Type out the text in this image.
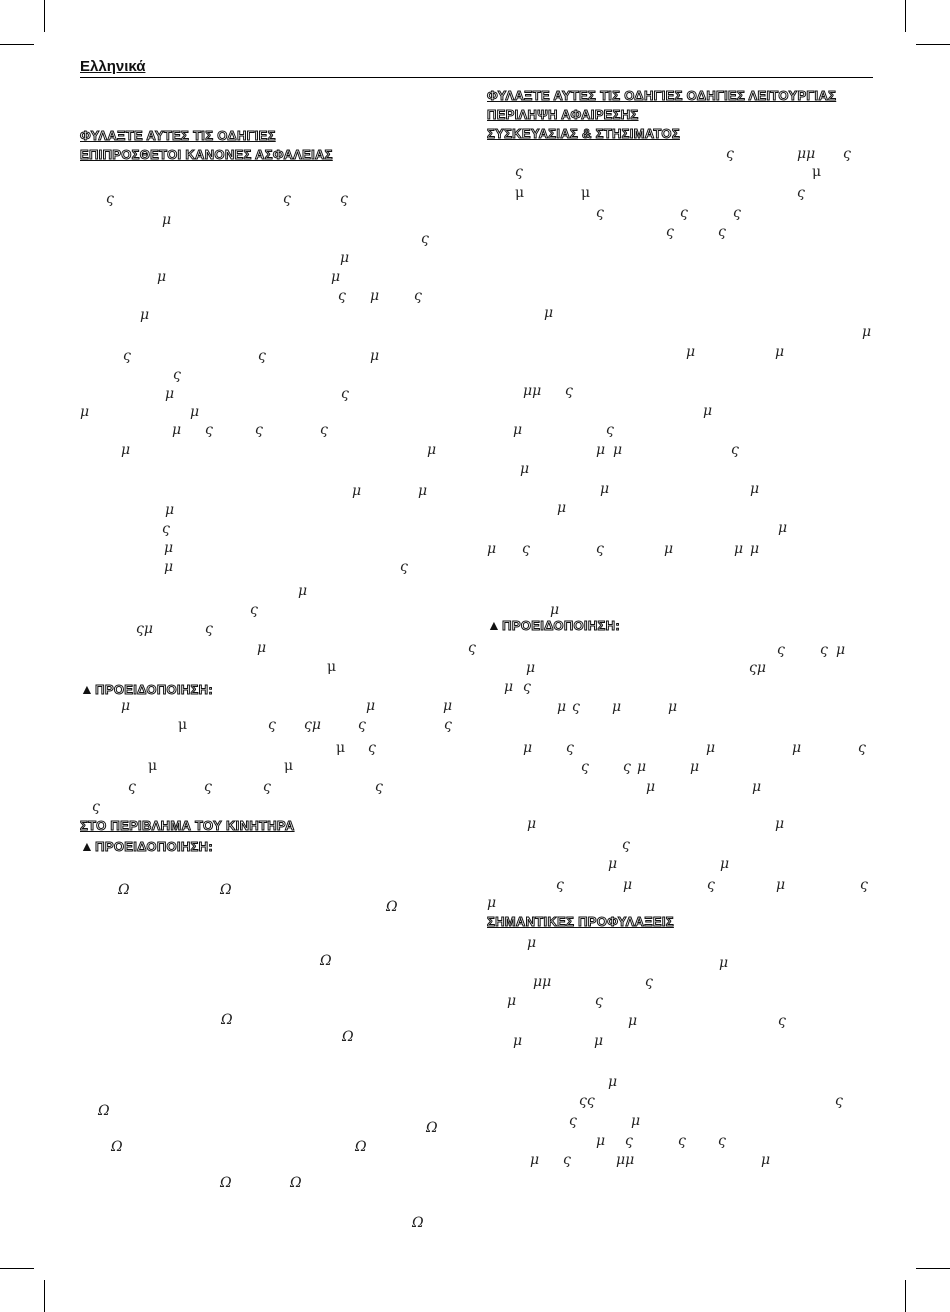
Ελληνικά
ΦΥΛΑΞΤΕ ΑΥΤΕΣ ΤΙΣ ΟΔΗΓΙΕΣ
ΕΠΙΠΡΟΣΘΕΤΟΙ ΚΑΝΟΝΕΣ ΑΣΦΑΛΕΙΑΣ
▲ΠΡΟΕΙΔΟΠΟΙΗΣΗ:
ΣΤΟ ΠΕΡΙΒΛΗΜΑ ΤΟΥ ΚΙΝΗΤΗΡΑ
▲ΠΡΟΕΙΔΟΠΟΙΗΣΗ:
ΦΥΛΑΞΤΕ ΑΥΤΕΣ ΤΙΣ ΟΔΗΓΙΕΣ ΟΔΗΓΙΕΣ ΛΕΙΤΟΥΡΓΙΑΣ
ΠΕΡΙΛΗΨΗ ΑΦΑΙΡΕΣΗΣ
ΣΥΣΚΕΥΑΣΙΑΣ & ΣΤΗΣΙΜΑΤΟΣ
▲ΠΡΟΕΙΔΟΠΟΙΗΣΗ:
ΣΗΜΑΝΤΙΚΕΣ ΠΡΟΦΥΛΑΞΕΙΣ
ς	ς	ς
μ
ς
μ
μ	μ
ς μ ς
μ
ς	ς	μ
ς
μ	ς
μ	μ
μ ς	ς	ς
μ	μ
μ	μ
μ
ς
μ
μ	ς
μ
ς
ςμ	ς
μ	ς
μ
μ	μ	μ
μ	ς ςμ	ς	ς
μ ς
μ	μ
ς	ς	ς	ς
ς
Ω	Ω
Ω
Ω
Ω
Ω
Ω
Ω
Ω	Ω
Ω	Ω
Ω
ς	μμ ς
ς	μ
μ	μ	ς
ς	ς	ς
ς	ς
μ
μ
μ	μ
μμ ς
μ
μ	ς
μ μ	ς
μ
μ	μ
μ
μ
μ ς	ς	μ	μ μ
μ
ς	ς μ
μ	ςμ
μ ς
μ ς μ	μ
μ ς	μ	μ	ς
ς ς μ	μ
μ	μ
μ	μ
ς
μ	μ
ς	μ	ς	μ	ς
μ
μ
μ
μμ	ς
μ	ς
μ	ς
μ	μ
μ
ςς	ς
ς	μ
μ ς	ς ς
μ ς	μμ	μ
